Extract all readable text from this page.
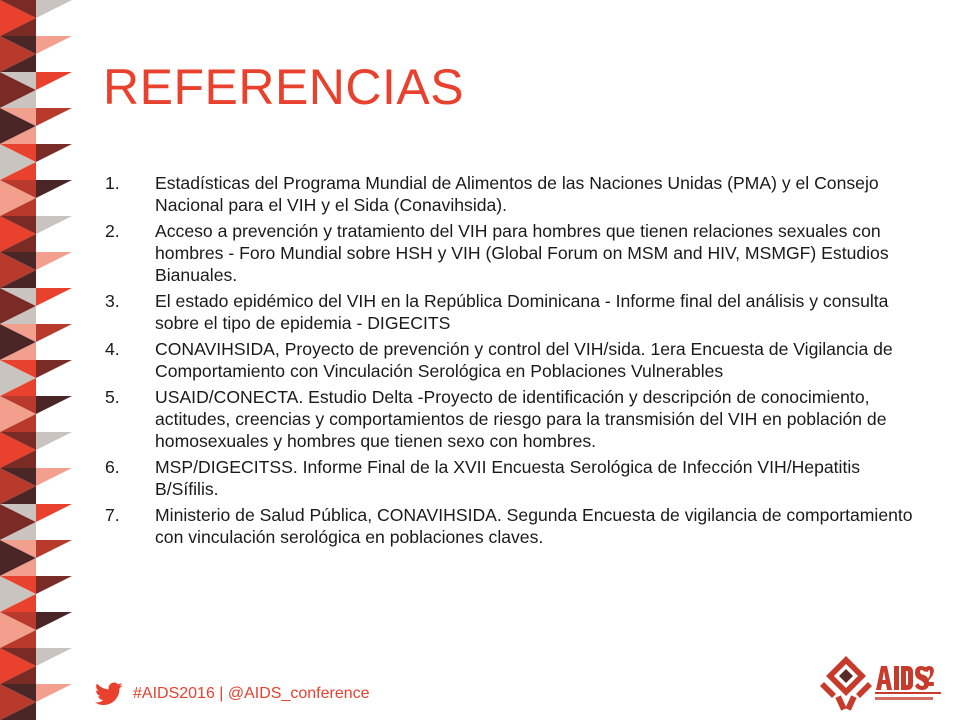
REFERENCIAS
1.	Estadísticas del Programa Mundial de Alimentos de las Naciones Unidas (PMA) y el Consejo Nacional para el VIH y el Sida (Conavihsida).
2.	Acceso a prevención y tratamiento del VIH para hombres que tienen relaciones sexuales con hombres - Foro Mundial sobre HSH y VIH (Global Forum on MSM and HIV, MSMGF) Estudios Bianuales.
3.	El estado epidémico del VIH en la República Dominicana - Informe final del análisis y consulta sobre el tipo de epidemia - DIGECITS
4.	CONAVIHSIDA, Proyecto de prevención y control del VIH/sida. 1era Encuesta de Vigilancia de Comportamiento con Vinculación Serológica en Poblaciones Vulnerables
5.	USAID/CONECTA. Estudio Delta -Proyecto de identificación y descripción de conocimiento, actitudes, creencias y comportamientos de riesgo para la transmisión del VIH en población de homosexuales y hombres que tienen sexo con hombres.
6.	MSP/DIGECITSS. Informe Final de la XVII Encuesta Serológica de Infección VIH/Hepatitis B/Sífilis.
7.	Ministerio de Salud Pública, CONAVIHSIDA. Segunda Encuesta de vigilancia de comportamiento con vinculación serológica en poblaciones claves.
#AIDS2016 | @AIDS_conference
